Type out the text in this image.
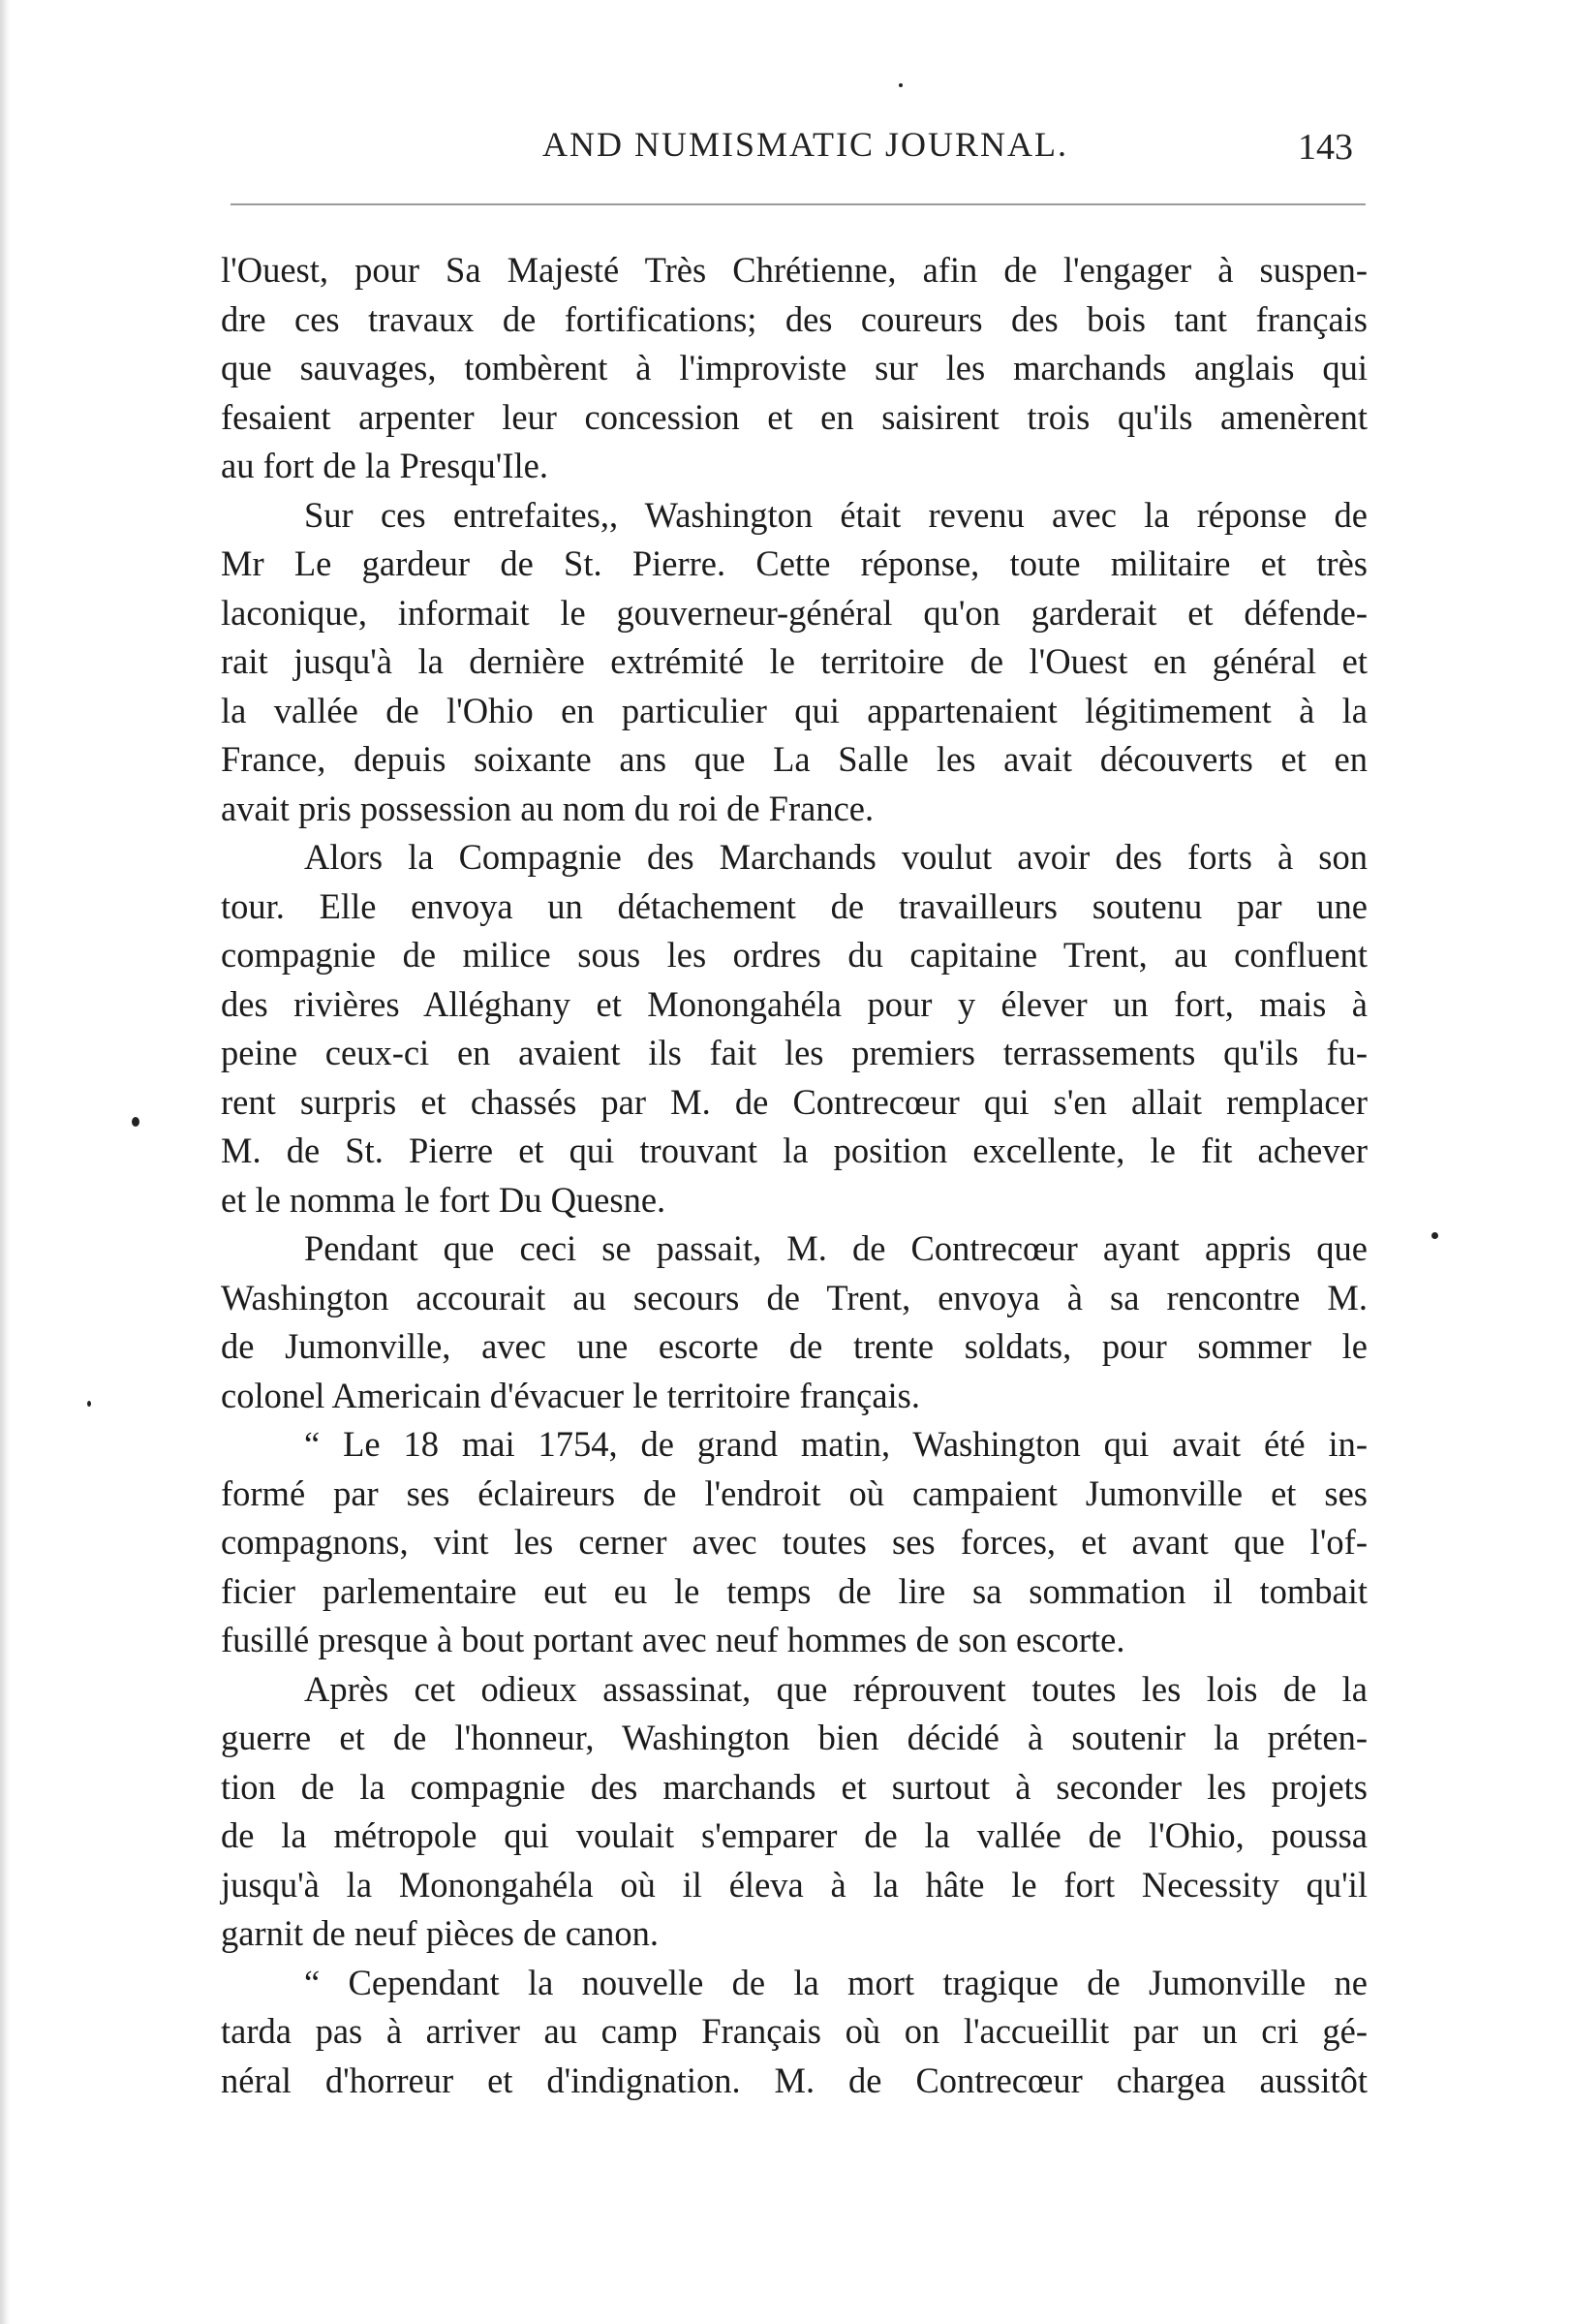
AND NUMISMATIC JOURNAL.	143
l'Ouest, pour Sa Majesté Très Chrétienne, afin de l'engager à suspen-
dre ces travaux de fortifications; des coureurs des bois tant français
que sauvages, tombèrent à l'improviste sur les marchands anglais qui
fesaient arpenter leur concession et en saisirent trois qu'ils amenèrent
au fort de la Presqu'Ile.
Sur ces entrefaites,, Washington était revenu avec la réponse de
Mr Le gardeur de St. Pierre. Cette réponse, toute militaire et très
laconique, informait le gouverneur-général qu'on garderait et défende-
rait jusqu'à la dernière extrémité le territoire de l'Ouest en général et
la vallée de l'Ohio en particulier qui appartenaient légitimement à la
France, depuis soixante ans que La Salle les avait découverts et en
avait pris possession au nom du roi de France.
Alors la Compagnie des Marchands voulut avoir des forts à son
tour. Elle envoya un détachement de travailleurs soutenu par une
compagnie de milice sous les ordres du capitaine Trent, au confluent
des rivières Alléghany et Monongahéla pour y élever un fort, mais à
peine ceux-ci en avaient ils fait les premiers terrassements qu'ils fu-
rent surpris et chassés par M. de Contrecœur qui s'en allait remplacer
M. de St. Pierre et qui trouvant la position excellente, le fit achever
et le nomma le fort Du Quesne.
Pendant que ceci se passait, M. de Contrecœur ayant appris que
Washington accourait au secours de Trent, envoya à sa rencontre M.
de Jumonville, avec une escorte de trente soldats, pour sommer le
colonel Americain d'évacuer le territoire français.
“ Le 18 mai 1754, de grand matin, Washington qui avait été in-
formé par ses éclaireurs de l'endroit où campaient Jumonville et ses
compagnons, vint les cerner avec toutes ses forces, et avant que l'of-
ficier parlementaire eut eu le temps de lire sa sommation il tombait
fusillé presque à bout portant avec neuf hommes de son escorte.
Après cet odieux assassinat, que réprouvent toutes les lois de la
guerre et de l'honneur, Washington bien décidé à soutenir la préten-
tion de la compagnie des marchands et surtout à seconder les projets
de la métropole qui voulait s'emparer de la vallée de l'Ohio, poussa
jusqu'à la Monongahéla où il éleva à la hâte le fort Necessity qu'il
garnit de neuf pièces de canon.
“ Cependant la nouvelle de la mort tragique de Jumonville ne
tarda pas à arriver au camp Français où on l'accueillit par un cri gé-
néral d'horreur et d'indignation. M. de Contrecœur chargea aussitôt
